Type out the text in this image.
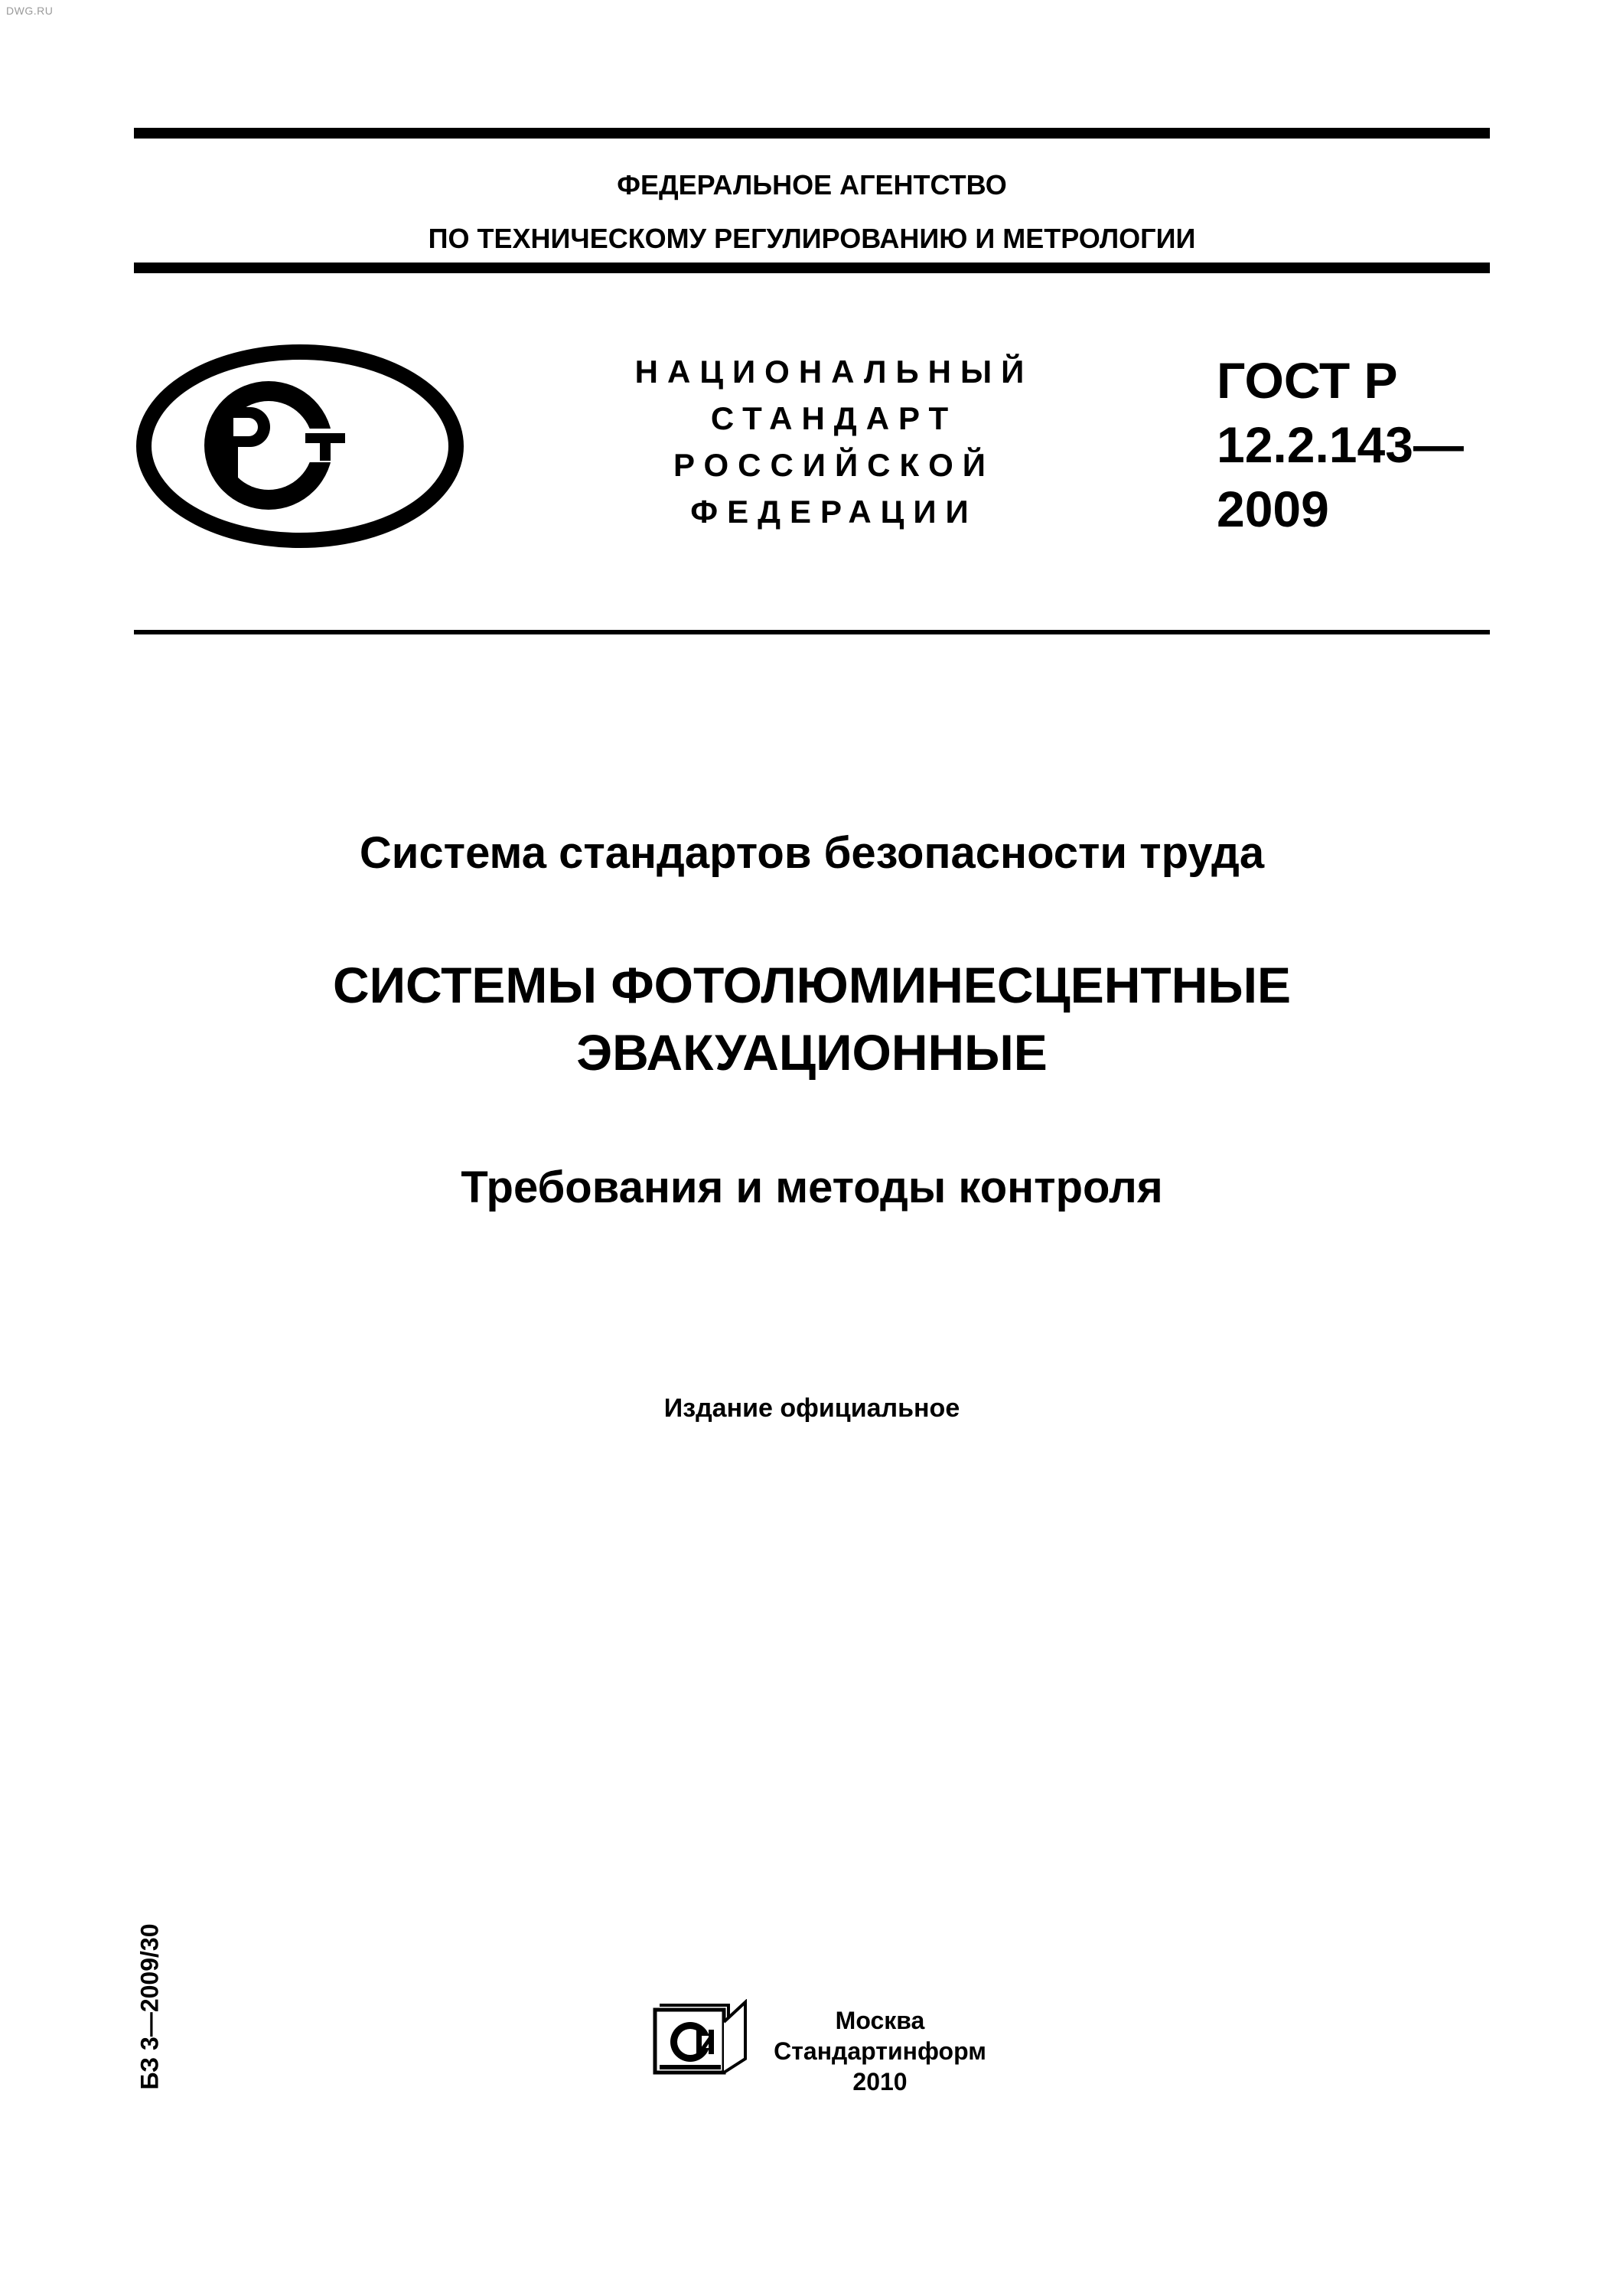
DWG.RU
ФЕДЕРАЛЬНОЕ АГЕНТСТВО
ПО ТЕХНИЧЕСКОМУ РЕГУЛИРОВАНИЮ И МЕТРОЛОГИИ
НАЦИОНАЛЬНЫЙ
СТАНДАРТ
РОССИЙСКОЙ
ФЕДЕРАЦИИ
ГОСТ Р
12.2.143—
2009
Система стандартов безопасности труда
СИСТЕМЫ ФОТОЛЮМИНЕСЦЕНТНЫЕ
ЭВАКУАЦИОННЫЕ
Требования и методы контроля
Издание официальное
БЗ 3—2009/30	Москва
Стандартинформ
2010
